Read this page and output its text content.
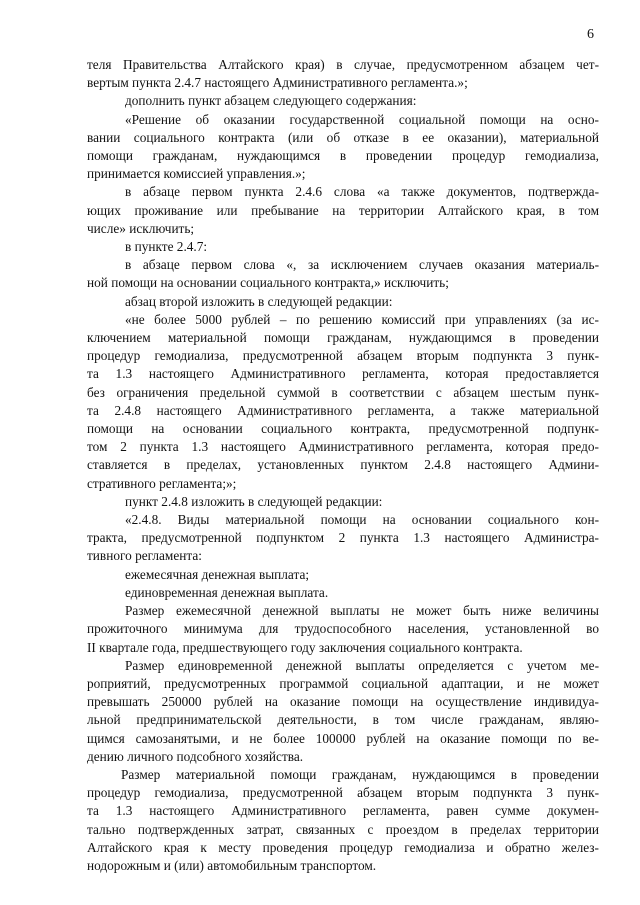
6
теля Правительства Алтайского края) в случае, предусмотренном абзацем чет-
вертым пункта 2.4.7 настоящего Административного регламента.»;
дополнить пункт абзацем следующего содержания:
«Решение об оказании государственной социальной помощи на осно-
вании социального контракта (или об отказе в ее оказании), материальной
помощи гражданам, нуждающимся в проведении процедур гемодиализа,
принимается комиссией управления.»;
в абзаце первом пункта 2.4.6 слова «а также документов, подтвержда-
ющих проживание или пребывание на территории Алтайского края, в том
числе» исключить;
в пункте 2.4.7:
в абзаце первом слова «, за исключением случаев оказания материаль-
ной помощи на основании социального контракта,» исключить;
абзац второй изложить в следующей редакции:
«не более 5000 рублей – по решению комиссий при управлениях (за ис-
ключением материальной помощи гражданам, нуждающимся в проведении
процедур гемодиализа, предусмотренной абзацем вторым подпункта 3 пунк-
та 1.3 настоящего Административного регламента, которая предоставляется
без ограничения предельной суммой в соответствии с абзацем шестым пунк-
та 2.4.8 настоящего Административного регламента, а также материальной
помощи на основании социального контракта, предусмотренной подпунк-
том 2 пункта 1.3 настоящего Административного регламента, которая предо-
ставляется в пределах, установленных пунктом 2.4.8 настоящего Админи-
стративного регламента;»;
пункт 2.4.8 изложить в следующей редакции:
«2.4.8. Виды материальной помощи на основании социального кон-
тракта, предусмотренной подпунктом 2 пункта 1.3 настоящего Администра-
тивного регламента:
ежемесячная денежная выплата;
единовременная денежная выплата.
Размер ежемесячной денежной выплаты не может быть ниже величины
прожиточного минимума для трудоспособного населения, установленной во
II квартале года, предшествующего году заключения социального контракта.
Размер единовременной денежной выплаты определяется с учетом ме-
роприятий, предусмотренных программой социальной адаптации, и не может
превышать 250000 рублей на оказание помощи на осуществление индивидуа-
льной предпринимательской деятельности, в том числе гражданам, являю-
щимся самозанятыми, и не более 100000 рублей на оказание помощи по ве-
дению личного подсобного хозяйства.
Размер материальной помощи гражданам, нуждающимся в проведении
процедур гемодиализа, предусмотренной абзацем вторым подпункта 3 пунк-
та 1.3 настоящего Административного регламента, равен сумме докумен-
тально подтвержденных затрат, связанных с проездом в пределах территории
Алтайского края к месту проведения процедур гемодиализа и обратно желез-
нодорожным и (или) автомобильным транспортом.
